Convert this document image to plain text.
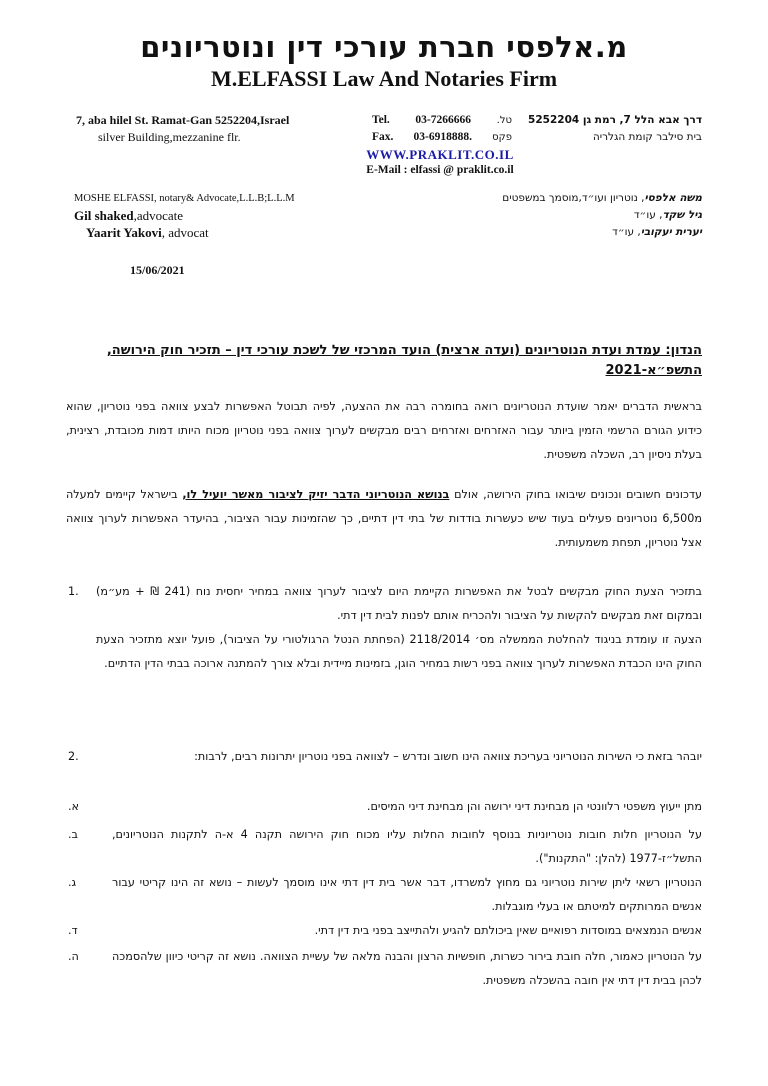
מ.אלפסי חברת עורכי דין ונוטריונים
M.ELFASSI Law And Notaries Firm
7, aba hilel St. Ramat-Gan 5252204,Israel
silver Building,mezzanine flr.
Tel. 03-7266666	טל.
Fax. 03-6918888. פקס
דרך אבא הלל 7, רמת גן 5252204
בית סילבר קומת הגלריה
WWW.PRAKLIT.CO.IL
E-Mail : elfassi @ praklit.co.il
MOSHE ELFASSI, notary& Advocate,L.L.B;L.L.M
Gil shaked,advocate
Yaarit Yakovi, advocat
משה אלפסי, נוטריון ועו״ד,מוסמך במשפטים
גיל שקד, עו״ד
יערית יעקובי, עו״ד
15/06/2021
הנדון: עמדת ועדת הנוטריונים (ועדה ארצית) הועד המרכזי של לשכת עורכי דין – תזכיר חוק הירושה, התשפ״א-2021
בראשית הדברים יאמר שועדת הנוטריונים רואה בחומרה רבה את ההצעה, לפיה תבוטל האפשרות לבצע צוואה בפני נוטריון, שהוא כידוע הגורם הרשמי הזמין ביותר עבור האזרחים ואזרחים רבים מבקשים לערוך צוואה בפני נוטריון מכוח היותו דמות מכובדת, רצינית, בעלת ניסיון רב, השכלה משפטית.
עדכונים חשובים ונכונים שיבואו בחוק הירושה, אולם בנושא הנוטריוני הדבר יזיק לציבור מאשר יועיל לו, בישראל קיימים למעלה מ6,500 נוטריונים פעילים בעוד שיש כעשרות בודדות של בתי דין דתיים, כך שהזמינות עבור הציבור, בהיעדר האפשרות לערוך צוואה אצל נוטריון, תפחת משמעותית.
1.	בתזכיר הצעת החוק מבקשים לבטל את האפשרות הקיימת היום לציבור לערוך צוואה במחיר יחסית נוח (241 ₪ + מע״מ) ובמקום זאת מבקשים להקשות על הציבור ולהכריח אותם לפנות לבית דין דתי.
הצעה זו עומדת בניגוד להחלטת הממשלה מס׳ 2118/2014 (הפחתת הנטל הרגולטורי על הציבור), פועל יוצא מתזכיר הצעת החוק הינו הכבדת האפשרות לערוך צוואה בפני רשות במחיר הוגן, בזמינות מיידית ובלא צורך להמתנה ארוכה בבתי הדין הדתיים.
2.	יובהר בזאת כי השירות הנוטריוני בעריכת צוואה הינו חשוב ונדרש – לצוואה בפני נוטריון יתרונות רבים, לרבות:
א.	מתן ייעוץ משפטי רלוונטי הן מבחינת דיני ירושה והן מבחינת דיני המיסים.
ב.	על הנוטריון חלות חובות נוטריוניות בנוסף לחובות החלות עליו מכוח חוק הירושה תקנה 4 א-ה לתקנות הנוטריונים, התשל״ז-1977 (להלן: "התקנות").
ג.	הנוטריון רשאי ליתן שירות נוטריוני גם מחוץ למשרדו, דבר אשר בית דין דתי אינו מוסמך לעשות – נושא זה הינו קריטי עבור אנשים המרותקים למיטתם או בעלי מוגבלות.
ד.	אנשים הנמצאים במוסדות רפואיים שאין ביכולתם להגיע ולהתייצב בפני בית דין דתי.
ה.	על הנוטריון כאמור, חלה חובת בירור כשרות, חופשיות הרצון והבנה מלאה של עשיית הצוואה. נושא זה קריטי כיוון שלהסמכה לכהן בבית דין דתי אין חובה בהשכלה משפטית.
